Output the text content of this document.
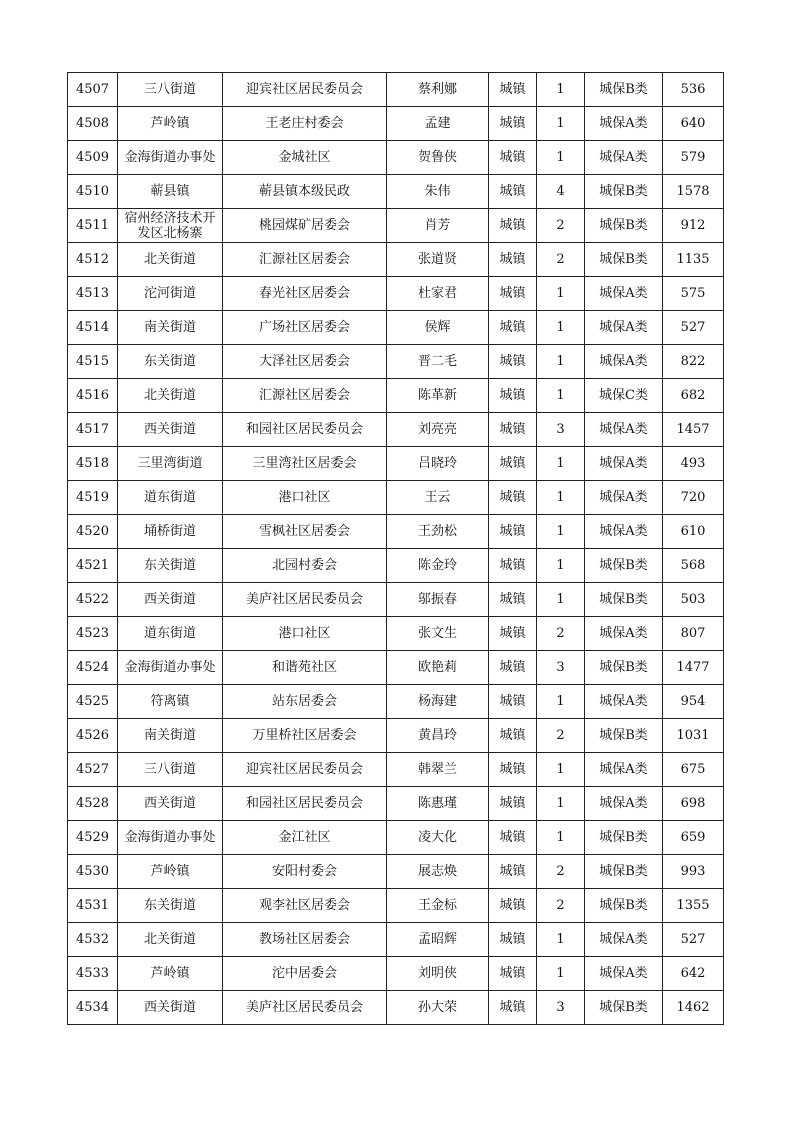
4507	三八街道	迎宾社区居民委员会	蔡利娜	城镇	1	城保B类	536
4508	芦岭镇	王老庄村委会	孟建	城镇	1	城保A类	640
4509	金海街道办事处	金城社区	贺鲁侠	城镇	1	城保A类	579
4510	蕲县镇	蕲县镇本级民政	朱伟	城镇	4	城保B类	1578
4511	宿州经济技术开发区北杨寨	桃园煤矿居委会	肖芳	城镇	2	城保B类	912
4512	北关街道	汇源社区居委会	张道贤	城镇	2	城保B类	1135
4513	沱河街道	春光社区居委会	杜家君	城镇	1	城保A类	575
4514	南关街道	广场社区居委会	侯辉	城镇	1	城保A类	527
4515	东关街道	大泽社区居委会	晋二毛	城镇	1	城保A类	822
4516	北关街道	汇源社区居委会	陈革新	城镇	1	城保C类	682
4517	西关街道	和园社区居民委员会	刘亮亮	城镇	3	城保A类	1457
4518	三里湾街道	三里湾社区居委会	吕晓玲	城镇	1	城保A类	493
4519	道东街道	港口社区	王云	城镇	1	城保A类	720
4520	埇桥街道	雪枫社区居委会	王劲松	城镇	1	城保A类	610
4521	东关街道	北园村委会	陈金玲	城镇	1	城保B类	568
4522	西关街道	美庐社区居民委员会	邬振春	城镇	1	城保B类	503
4523	道东街道	港口社区	张文生	城镇	2	城保A类	807
4524	金海街道办事处	和谐苑社区	欧艳莉	城镇	3	城保B类	1477
4525	符离镇	站东居委会	杨海建	城镇	1	城保A类	954
4526	南关街道	万里桥社区居委会	黄昌玲	城镇	2	城保B类	1031
4527	三八街道	迎宾社区居民委员会	韩翠兰	城镇	1	城保A类	675
4528	西关街道	和园社区居民委员会	陈惠瑾	城镇	1	城保A类	698
4529	金海街道办事处	金江社区	凌大化	城镇	1	城保B类	659
4530	芦岭镇	安阳村委会	展志焕	城镇	2	城保B类	993
4531	东关街道	观李社区居委会	王金标	城镇	2	城保B类	1355
4532	北关街道	教场社区居委会	孟昭辉	城镇	1	城保A类	527
4533	芦岭镇	沱中居委会	刘明侠	城镇	1	城保A类	642
4534	西关街道	美庐社区居民委员会	孙大荣	城镇	3	城保B类	1462
